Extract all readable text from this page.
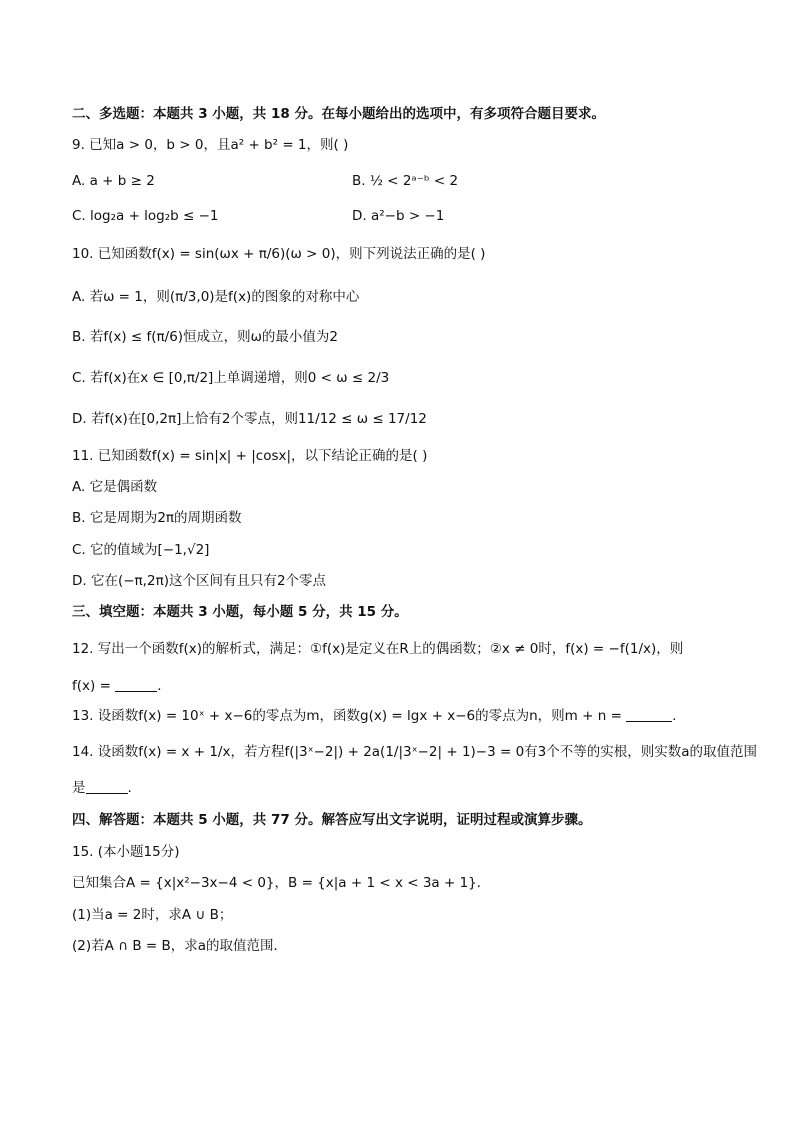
二、多选题：本题共 3 小题，共 18 分。在每小题给出的选项中，有多项符合题目要求。
9. 已知a > 0，b > 0，且a² + b² = 1，则( )
A. a + b ≥ 2	B. ½ < 2ᵃ⁻ᵇ < 2
C. log₂a + log₂b ≤ −1	D. a²−b > −1
10. 已知函数f(x) = sin(ωx + π/6)(ω > 0)，则下列说法正确的是( )
A. 若ω = 1，则(π/3,0)是f(x)的图象的对称中心
B. 若f(x) ≤ f(π/6)恒成立，则ω的最小值为2
C. 若f(x)在x ∈ [0,π/2]上单调递增，则0 < ω ≤ 2/3
D. 若f(x)在[0,2π]上恰有2个零点，则11/12 ≤ ω ≤ 17/12
11. 已知函数f(x) = sin|x| + |cosx|，以下结论正确的是( )
A. 它是偶函数
B. 它是周期为2π的周期函数
C. 它的值域为[−1,√2]
D. 它在(−π,2π)这个区间有且只有2个零点
三、填空题：本题共 3 小题，每小题 5 分，共 15 分。
12. 写出一个函数f(x)的解析式，满足：①f(x)是定义在R上的偶函数；②x ≠ 0时，f(x) = −f(1/x)，则
f(x) =	.
13. 设函数f(x) = 10ˣ + x−6的零点为m，函数g(x) = lgx + x−6的零点为n，则m + n =	.
14. 设函数f(x) = x + 1/x，若方程f(|3ˣ−2|) + 2a(1/|3ˣ−2| + 1)−3 = 0有3个不等的实根，则实数a的取值范围
是	.
四、解答题：本题共 5 小题，共 77 分。解答应写出文字说明，证明过程或演算步骤。
15. (本小题15分)
已知集合A = {x|x²−3x−4 < 0}，B = {x|a + 1 < x < 3a + 1}．
(1)当a = 2时，求A ∪ B；
(2)若A ∩ B = B，求a的取值范围．
